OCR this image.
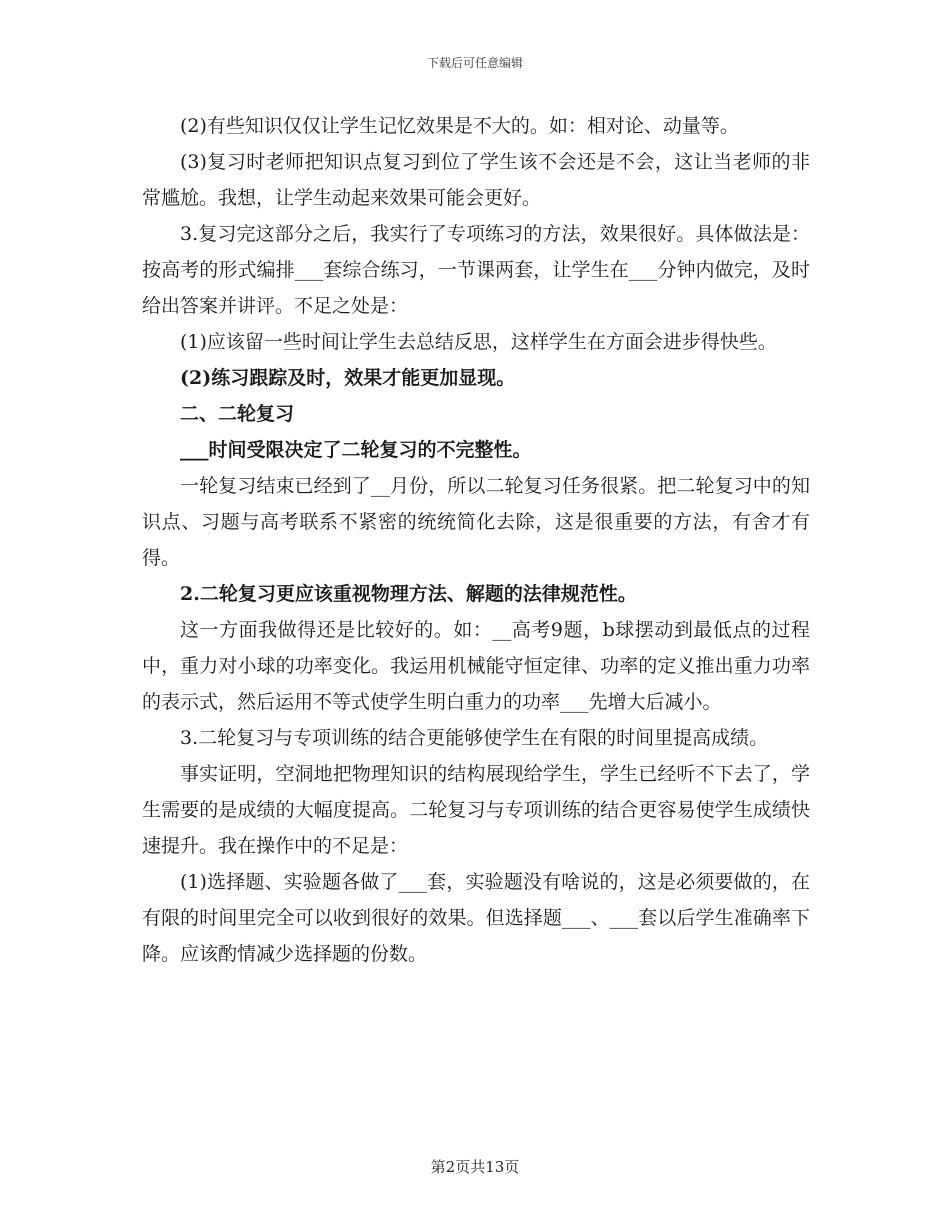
下载后可任意编辑

(2)有些知识仅仅让学生记忆效果是不大的。如：相对论、动量等。

(3)复习时老师把知识点复习到位了学生该不会还是不会，这让当老师的非常尴尬。我想，让学生动起来效果可能会更好。

3.复习完这部分之后，我实行了专项练习的方法，效果很好。具体做法是：按高考的形式编排___套综合练习，一节课两套，让学生在___分钟内做完，及时给出答案并讲评。不足之处是：

(1)应该留一些时间让学生去总结反思，这样学生在方面会进步得快些。

(2)练习跟踪及时，效果才能更加显现。

二、二轮复习

___时间受限决定了二轮复习的不完整性。

一轮复习结束已经到了__月份，所以二轮复习任务很紧。把二轮复习中的知识点、习题与高考联系不紧密的统统简化去除，这是很重要的方法，有舍才有得。

2.二轮复习更应该重视物理方法、解题的法律规范性。

这一方面我做得还是比较好的。如：__高考9题，b球摆动到最低点的过程中，重力对小球的功率变化。我运用机械能守恒定律、功率的定义推出重力功率的表示式，然后运用不等式使学生明白重力的功率___先增大后减小。

3.二轮复习与专项训练的结合更能够使学生在有限的时间里提高成绩。

事实证明，空洞地把物理知识的结构展现给学生，学生已经听不下去了，学生需要的是成绩的大幅度提高。二轮复习与专项训练的结合更容易使学生成绩快速提升。我在操作中的不足是：

(1)选择题、实验题各做了___套，实验题没有啥说的，这是必须要做的，在有限的时间里完全可以收到很好的效果。但选择题___、___套以后学生准确率下降。应该酌情减少选择题的份数。

第2页共13页
